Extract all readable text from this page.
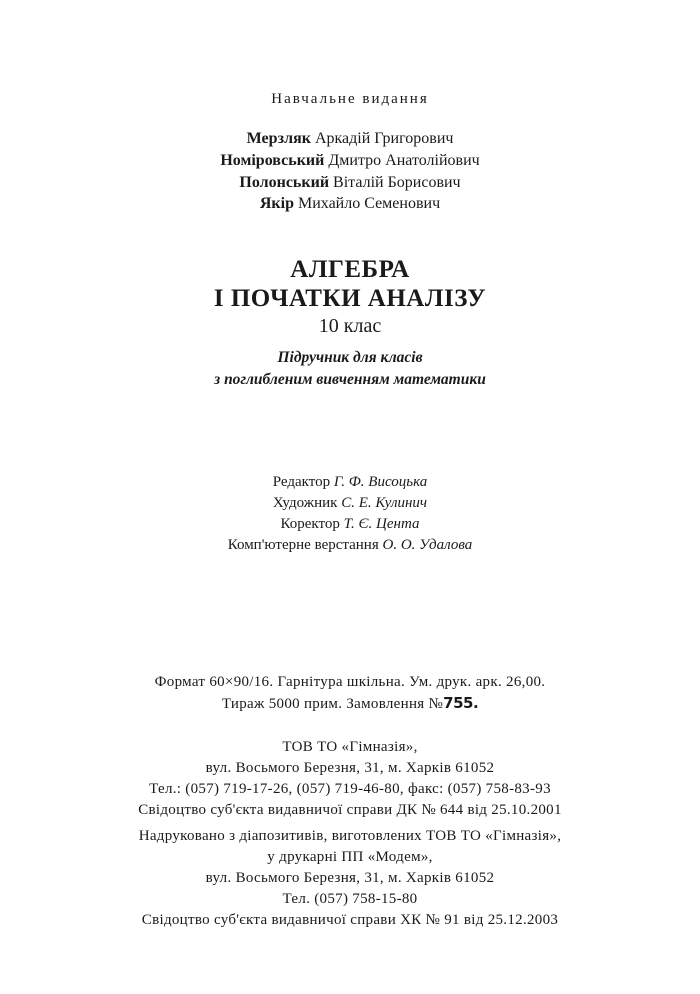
Навчальне видання
Мерзляк Аркадій Григорович
Номіровський Дмитро Анатолійович
Полонський Віталій Борисович
Якір Михайло Семенович
АЛГЕБРА
І ПОЧАТКИ АНАЛІЗУ
10 клас
Підручник для класів
з поглибленим вивченням математики
Редактор Г. Ф. Висоцька
Художник С. Е. Кулинич
Коректор Т. Є. Цента
Комп'ютерне верстання О. О. Удалова
Формат 60×90/16. Гарнітура шкільна. Ум. друк. арк. 26,00.
Тираж 5000 прим. Замовлення №755.
ТОВ ТО «Гімназія»,
вул. Восьмого Березня, 31, м. Харків 61052
Тел.: (057) 719-17-26, (057) 719-46-80, факс: (057) 758-83-93
Свідоцтво суб'єкта видавничої справи ДК № 644 від 25.10.2001
Надруковано з діапозитивів, виготовлених ТОВ ТО «Гімназія»,
у друкарні ПП «Модем»,
вул. Восьмого Березня, 31, м. Харків 61052
Тел. (057) 758-15-80
Свідоцтво суб'єкта видавничої справи ХК № 91 від 25.12.2003
